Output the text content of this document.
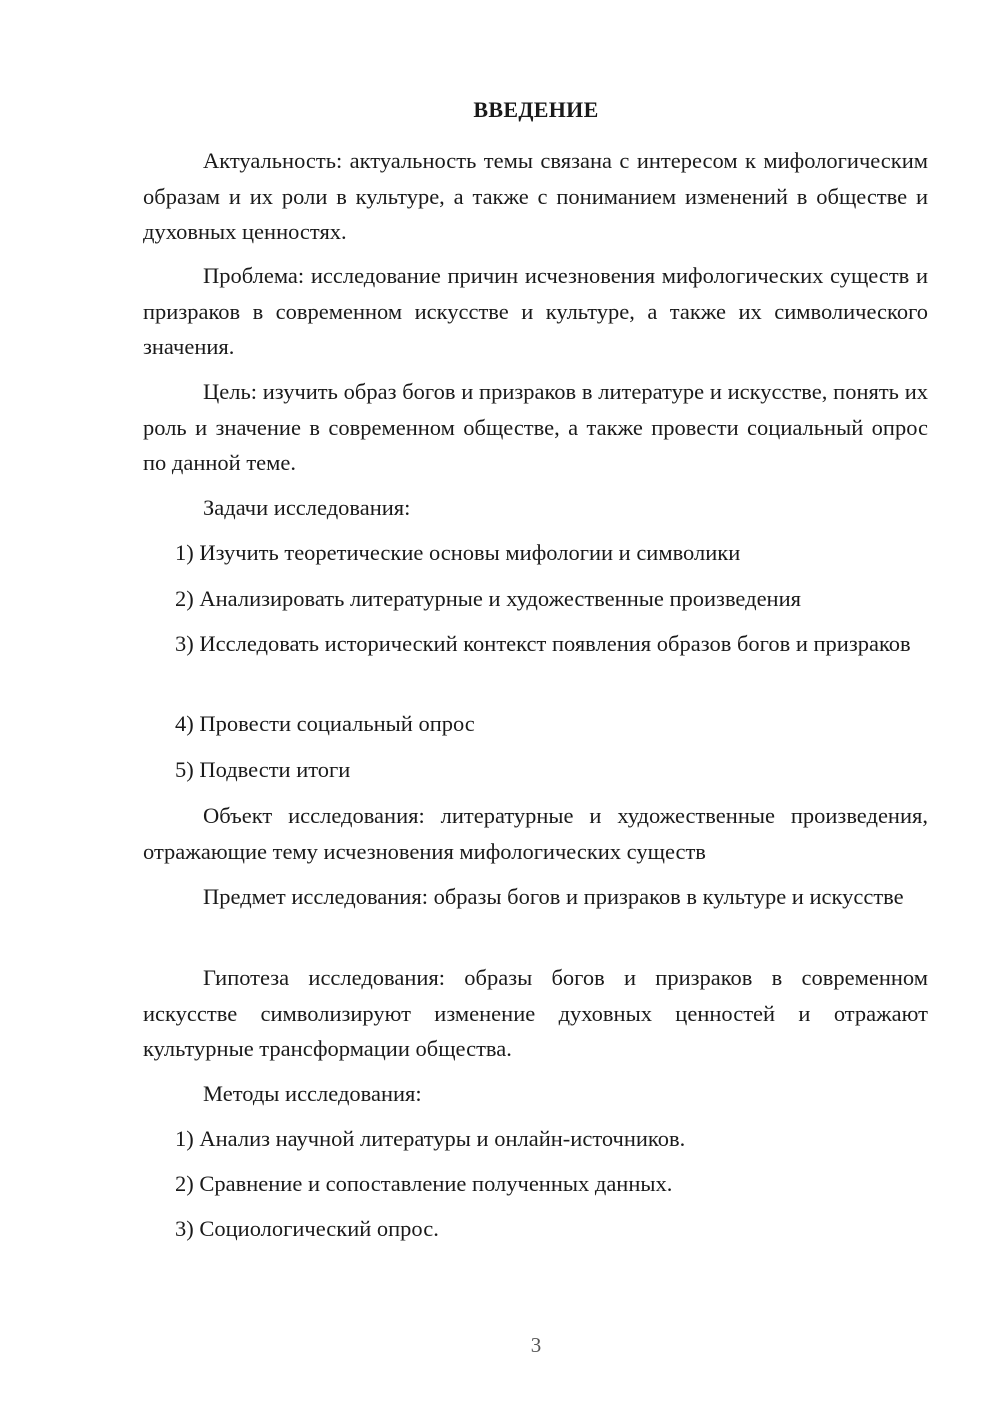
ВВЕДЕНИЕ
Актуальность: актуальность темы связана с интересом к мифологическим образам и их роли в культуре, а также с пониманием изменений в обществе и духовных ценностях.
Проблема: исследование причин исчезновения мифологических существ и призраков в современном искусстве и культуре, а также их символического значения.
Цель: изучить образ богов и призраков в литературе и искусстве, понять их роль и значение в современном обществе, а также провести социальный опрос по данной теме.
Задачи исследования:
1) Изучить теоретические основы мифологии и символики
2) Анализировать литературные и художественные произведения
3) Исследовать исторический контекст появления образов богов и призраков
4) Провести социальный опрос
5) Подвести итоги
Объект исследования: литературные и художественные произведения, отражающие тему исчезновения мифологических существ
Предмет исследования: образы богов и призраков в культуре и искусстве
Гипотеза исследования: образы богов и призраков в современном искусстве символизируют изменение духовных ценностей и отражают культурные трансформации общества.
Методы исследования:
1) Анализ научной литературы и онлайн-источников.
2) Сравнение и сопоставление полученных данных.
3) Социологический опрос.
3
